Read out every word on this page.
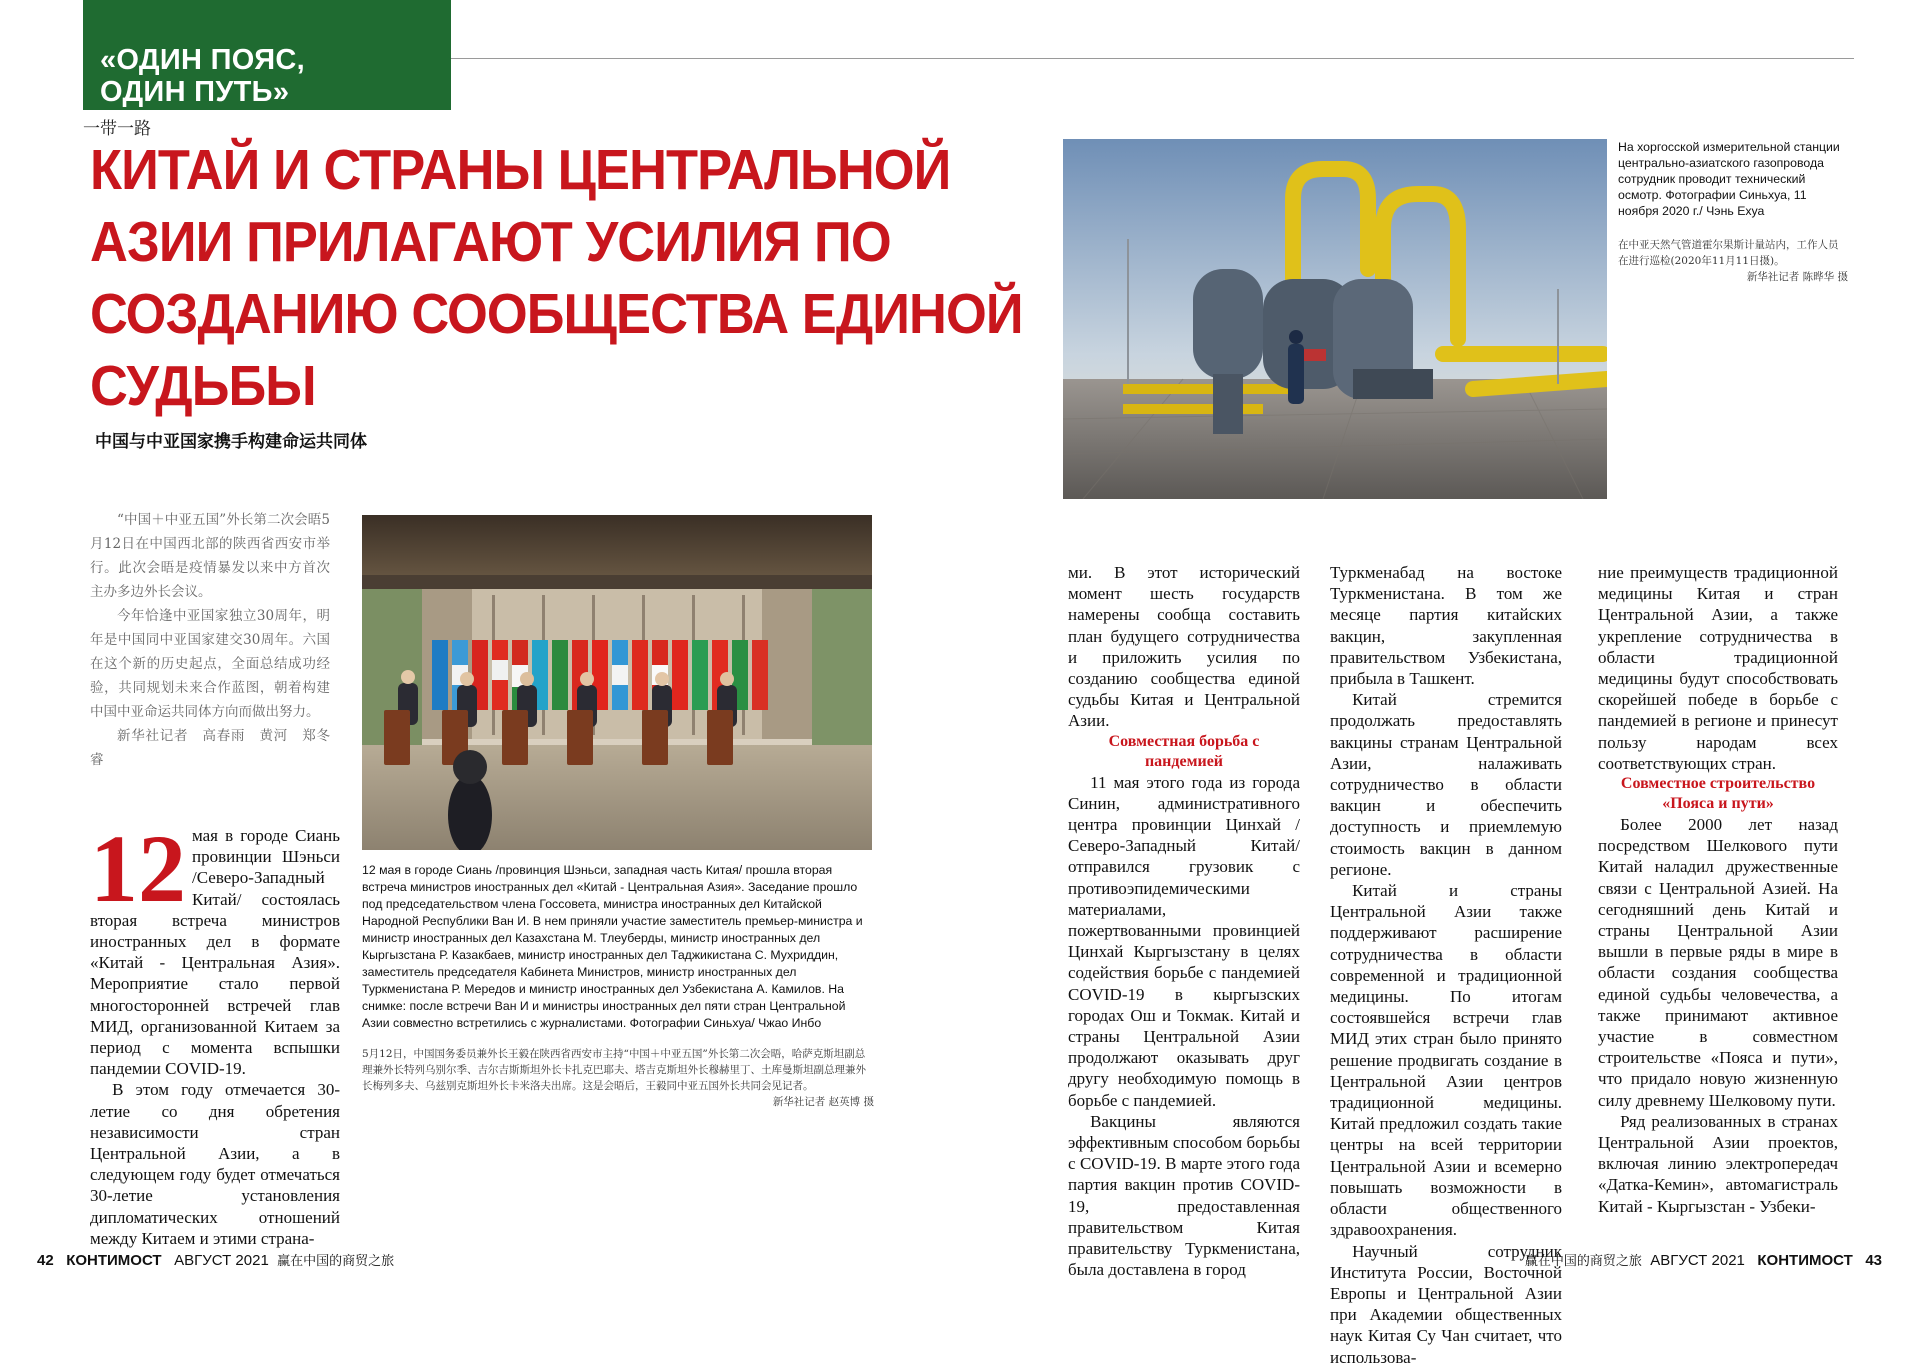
«ОДИН ПОЯС,
ОДИН ПУТЬ»
一带一路
КИТАЙ И СТРАНЫ ЦЕНТРАЛЬНОЙ
АЗИИ ПРИЛАГАЮТ УСИЛИЯ ПО
СОЗДАНИЮ СООБЩЕСТВА ЕДИНОЙ
СУДЬБЫ
中国与中亚国家携手构建命运共同体

“中国＋中亚五国”外长第二次会晤5月12日在中国西北部的陕西省西安市举行。此次会晤是疫情暴发以来中方首次主办多边外长会议。

今年恰逢中亚国家独立30周年，明年是中国同中亚国家建交30周年。六国在这个新的历史起点，全面总结成功经验，共同规划未来合作蓝图，朝着构建中国中亚命运共同体方向而做出努力。

新华社记者　高春雨　黄河　郑冬睿

12 мая в городе Сиань /провинция Шэньси, западная часть Китая/ прошла вторая встреча министров иностранных дел «Китай - Центральная Азия». Заседание прошло под председательством члена Госсовета, министра иностранных дел Китайской Народной Республики Ван И. В нем приняли участие заместитель премьер-министра и министр иностранных дел Казахстана М. Тлеуберды, министр иностранных дел Кыргызстана Р. Казакбаев, министр иностранных дел Таджикистана С. Мухриддин, заместитель председателя Кабинета Министров, министр иностранных дел Туркменистана Р. Мередов и министр иностранных дел Узбекистана А. Камилов. На снимке: после встречи Ван И и министры иностранных дел пяти стран Центральной Азии совместно встретились с журналистами. Фотографии Синьхуа/ Чжао Инбо
5月12日，中国国务委员兼外长王毅在陕西省西安市主持“中国＋中亚五国”外长第二次会晤，哈萨克斯坦副总理兼外长特列乌别尔季、吉尔吉斯斯坦外长卡扎克巴耶夫、塔吉克斯坦外长穆赫里丁、土库曼斯坦副总理兼外长梅列多夫、乌兹别克斯坦外长卡米洛夫出席。这是会晤后，王毅同中亚五国外长共同会见记者。
新华社记者 赵英博 摄

12 мая в городе Сиань провинции Шэньси /Северо-Западный Китай/ состоялась вторая встреча министров иностранных дел в формате «Китай - Центральная Азия». Мероприятие стало первой многосторонней встречей глав МИД, организованной Китаем за период с момента вспышки пандемии COVID-19.

В этом году отмечается 30-летие со дня обретения независимости стран Центральной Азии, а в следующем году будет отмечаться 30-летие установления дипломатических отношений между Китаем и этими страна-

42 КОНТИМОСТ АВГУСТ 2021 赢在中国的商贸之旅
На хоргосской измерительной станции центрально-азиатского газопровода сотрудник проводит технический осмотр. Фотографии Синьхуа, 11 ноября 2020 г./ Чэнь Ехуа
在中亚天然气管道霍尔果斯计量站内，工作人员在进行巡检(2020年11月11日摄)。
新华社记者 陈晔华 摄

ми. В этот исторический момент шесть государств намерены сообща составить план будущего сотрудничества и приложить усилия по созданию сообщества единой судьбы Китая и Центральной Азии.

Совместная борьба с пандемией

11 мая этого года из города Синин, административного центра провинции Цинхай /Северо-Западный Китай/ отправился грузовик с противоэпидемическими материалами, пожертвованными провинцией Цинхай Кыргызстану в целях содействия борьбе с пандемией COVID-19 в кыргызских городах Ош и Токмак. Китай и страны Центральной Азии продолжают оказывать друг другу необходимую помощь в борьбе с пандемией.

Вакцины являются эффективным способом борьбы с COVID-19. В марте этого года партия вакцин против COVID-19, предоставленная правительством Китая правительству Туркменистана, была доставлена в город

Туркменабад на востоке Туркменистана. В том же месяце партия китайских вакцин, закупленная правительством Узбекистана, прибыла в Ташкент.

Китай стремится продолжать предоставлять вакцины странам Центральной Азии, налаживать сотрудничество в области вакцин и обеспечить доступность и приемлемую стоимость вакцин в данном регионе.

Китай и страны Центральной Азии также поддерживают расширение сотрудничества в области современной и традиционной медицины. По итогам состоявшейся встречи глав МИД этих стран было принято решение продвигать создание в Центральной Азии центров традиционной медицины. Китай предложил создать такие центры на всей территории Центральной Азии и всемерно повышать возможности в области общественного здравоохранения.

Научный сотрудник Института России, Восточной Европы и Центральной Азии при Академии общественных наук Китая Су Чан считает, что использова-

ние преимуществ традиционной медицины Китая и стран Центральной Азии, а также укрепление сотрудничества в области традиционной медицины будут способствовать скорейшей победе в борьбе с пандемией в регионе и принесут пользу народам всех соответствующих стран.

Совместное строительство «Пояса и пути»

Более 2000 лет назад посредством Шелкового пути Китай наладил дружественные связи с Центральной Азией. На сегодняшний день Китай и страны Центральной Азии вышли в первые ряды в мире в области создания сообщества единой судьбы человечества, а также принимают активное участие в совместном строительстве «Пояса и пути», что придало новую жизненную силу древнему Шелковому пути.

Ряд реализованных в странах Центральной Азии проектов, включая линию электропередач «Датка-Кемин», автомагистраль Китай - Кыргызстан - Узбеки-

赢在中国的商贸之旅 АВГУСТ 2021 КОНТИМОСТ 43
